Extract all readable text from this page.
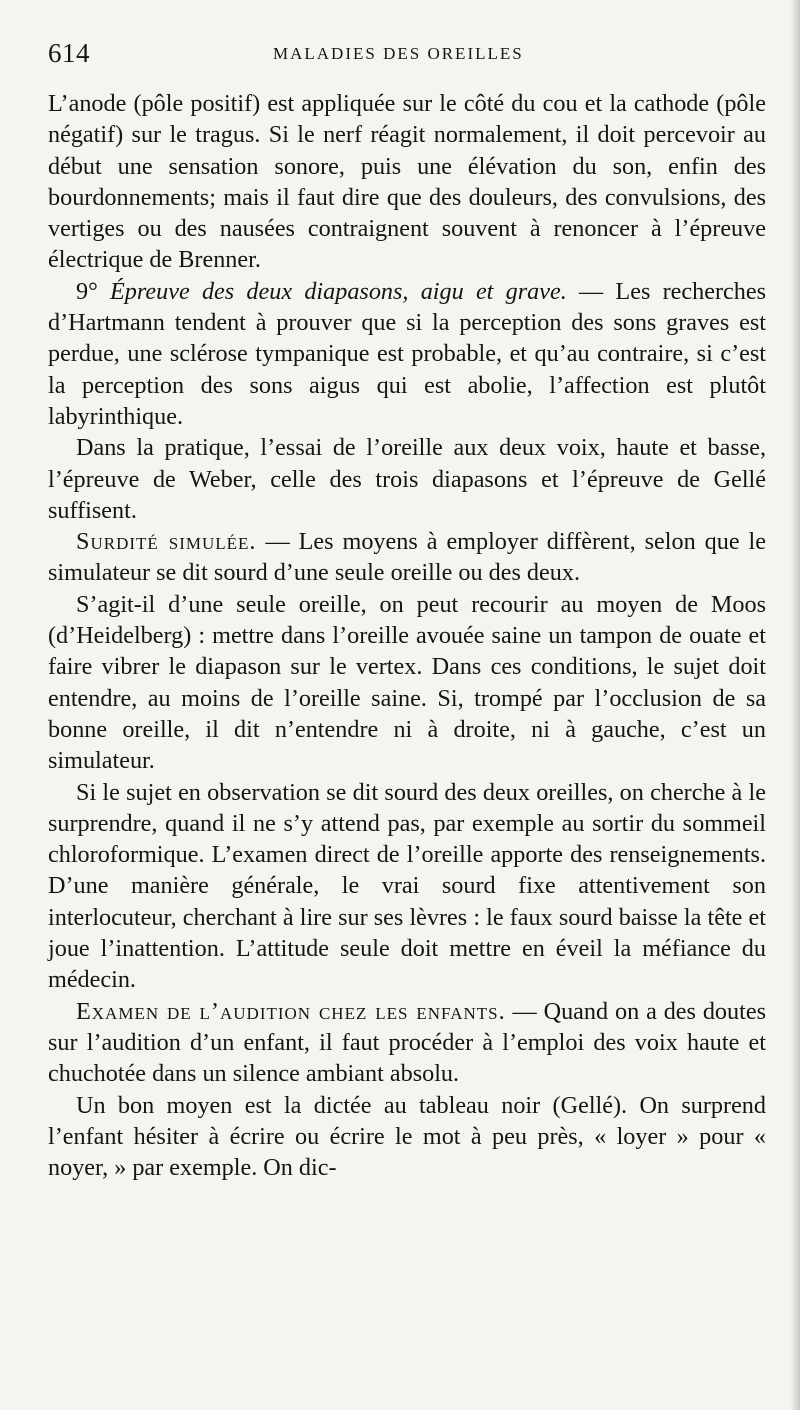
614	MALADIES DES OREILLES

L’anode (pôle positif) est appliquée sur le côté du cou et la cathode (pôle négatif) sur le tragus. Si le nerf réagit normalement, il doit percevoir au début une sensation sonore, puis une élévation du son, enfin des bourdonnements; mais il faut dire que des douleurs, des convulsions, des vertiges ou des nausées contraignent souvent à renoncer à l’épreuve électrique de Brenner.

9° Épreuve des deux diapasons, aigu et grave. — Les recherches d’Hartmann tendent à prouver que si la perception des sons graves est perdue, une sclérose tympanique est probable, et qu’au contraire, si c’est la perception des sons aigus qui est abolie, l’affection est plutôt labyrinthique.

Dans la pratique, l’essai de l’oreille aux deux voix, haute et basse, l’épreuve de Weber, celle des trois diapasons et l’épreuve de Gellé suffisent.

Surdité simulée. — Les moyens à employer diffèrent, selon que le simulateur se dit sourd d’une seule oreille ou des deux.

S’agit-il d’une seule oreille, on peut recourir au moyen de Moos (d’Heidelberg) : mettre dans l’oreille avouée saine un tampon de ouate et faire vibrer le diapason sur le vertex. Dans ces conditions, le sujet doit entendre, au moins de l’oreille saine. Si, trompé par l’occlusion de sa bonne oreille, il dit n’entendre ni à droite, ni à gauche, c’est un simulateur.

Si le sujet en observation se dit sourd des deux oreilles, on cherche à le surprendre, quand il ne s’y attend pas, par exemple au sortir du sommeil chloroformique. L’examen direct de l’oreille apporte des renseignements. D’une manière générale, le vrai sourd fixe attentivement son interlocuteur, cherchant à lire sur ses lèvres : le faux sourd baisse la tête et joue l’inattention. L’attitude seule doit mettre en éveil la méfiance du médecin.

Examen de l’audition chez les enfants. — Quand on a des doutes sur l’audition d’un enfant, il faut procéder à l’emploi des voix haute et chuchotée dans un silence ambiant absolu.

Un bon moyen est la dictée au tableau noir (Gellé). On surprend l’enfant hésiter à écrire ou écrire le mot à peu près, « loyer » pour « noyer, » par exemple. On dic-
